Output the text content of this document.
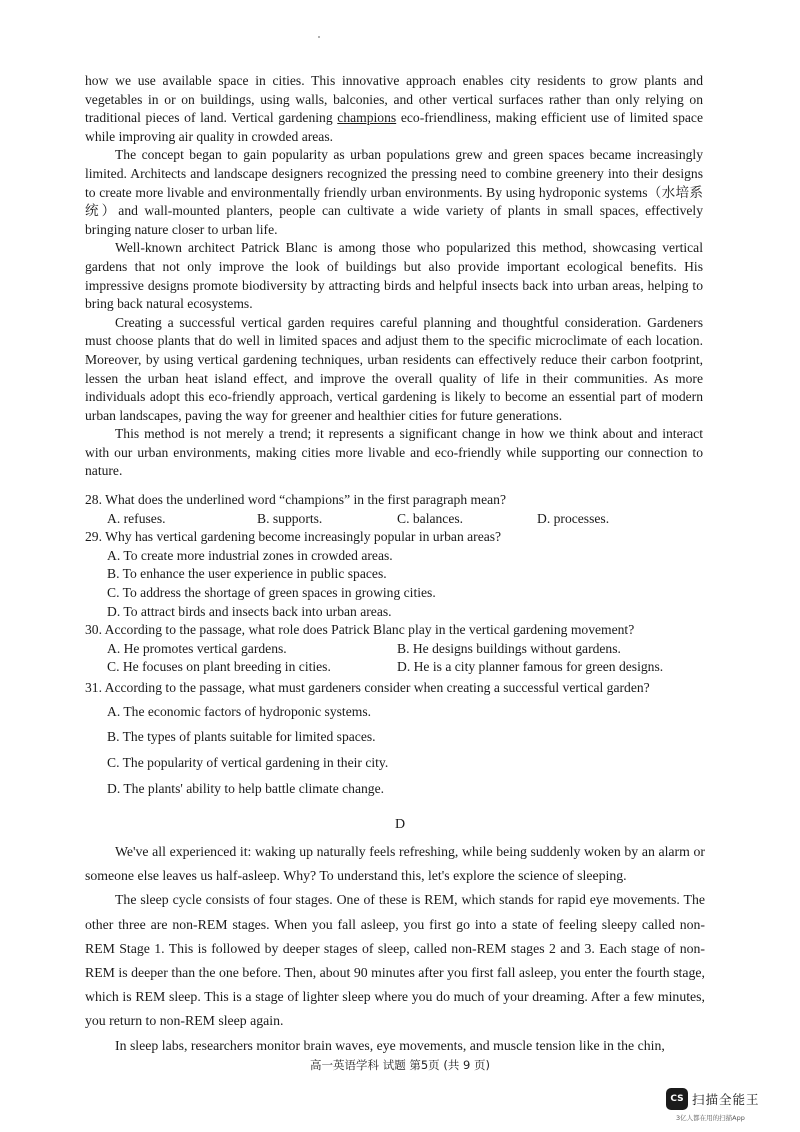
how we use available space in cities. This innovative approach enables city residents to grow plants and vegetables in or on buildings, using walls, balconies, and other vertical surfaces rather than only relying on traditional pieces of land. Vertical gardening champions eco-friendliness, making efficient use of limited space while improving air quality in crowded areas.

The concept began to gain popularity as urban populations grew and green spaces became increasingly limited. Architects and landscape designers recognized the pressing need to combine greenery into their designs to create more livable and environmentally friendly urban environments. By using hydroponic systems（水培系统）and wall-mounted planters, people can cultivate a wide variety of plants in small spaces, effectively bringing nature closer to urban life.

Well-known architect Patrick Blanc is among those who popularized this method, showcasing vertical gardens that not only improve the look of buildings but also provide important ecological benefits. His impressive designs promote biodiversity by attracting birds and helpful insects back into urban areas, helping to bring back natural ecosystems.

Creating a successful vertical garden requires careful planning and thoughtful consideration. Gardeners must choose plants that do well in limited spaces and adjust them to the specific microclimate of each location. Moreover, by using vertical gardening techniques, urban residents can effectively reduce their carbon footprint, lessen the urban heat island effect, and improve the overall quality of life in their communities. As more individuals adopt this eco-friendly approach, vertical gardening is likely to become an essential part of modern urban landscapes, paving the way for greener and healthier cities for future generations.

This method is not merely a trend; it represents a significant change in how we think about and interact with our urban environments, making cities more livable and eco-friendly while supporting our connection to nature.

28. What does the underlined word “champions” in the first paragraph mean?

A. refuses.	B. supports.	C. balances.	D. processes.

29. Why has vertical gardening become increasingly popular in urban areas?

A. To create more industrial zones in crowded areas.
B. To enhance the user experience in public spaces.
C. To address the shortage of green spaces in growing cities.
D. To attract birds and insects back into urban areas.

30. According to the passage, what role does Patrick Blanc play in the vertical gardening movement?

A. He promotes vertical gardens.	B. He designs buildings without gardens.
C. He focuses on plant breeding in cities.	D. He is a city planner famous for green designs.

31. According to the passage, what must gardeners consider when creating a successful vertical garden?

A. The economic factors of hydroponic systems.
B. The types of plants suitable for limited spaces.
C. The popularity of vertical gardening in their city.
D. The plants' ability to help battle climate change.
D

We've all experienced it: waking up naturally feels refreshing, while being suddenly woken by an alarm or someone else leaves us half-asleep. Why? To understand this, let's explore the science of sleeping.

The sleep cycle consists of four stages. One of these is REM, which stands for rapid eye movements. The other three are non-REM stages. When you fall asleep, you first go into a state of feeling sleepy called non-REM Stage 1. This is followed by deeper stages of sleep, called non-REM stages 2 and 3. Each stage of non-REM is deeper than the one before. Then, about 90 minutes after you first fall asleep, you enter the fourth stage, which is REM sleep. This is a stage of lighter sleep where you do much of your dreaming. After a few minutes, you return to non-REM sleep again.

In sleep labs, researchers monitor brain waves, eye movements, and muscle tension like in the chin,

高一英语学科 试题 第5页 (共 9 页)
CS 扫描全能王
3亿人都在用的扫描App
